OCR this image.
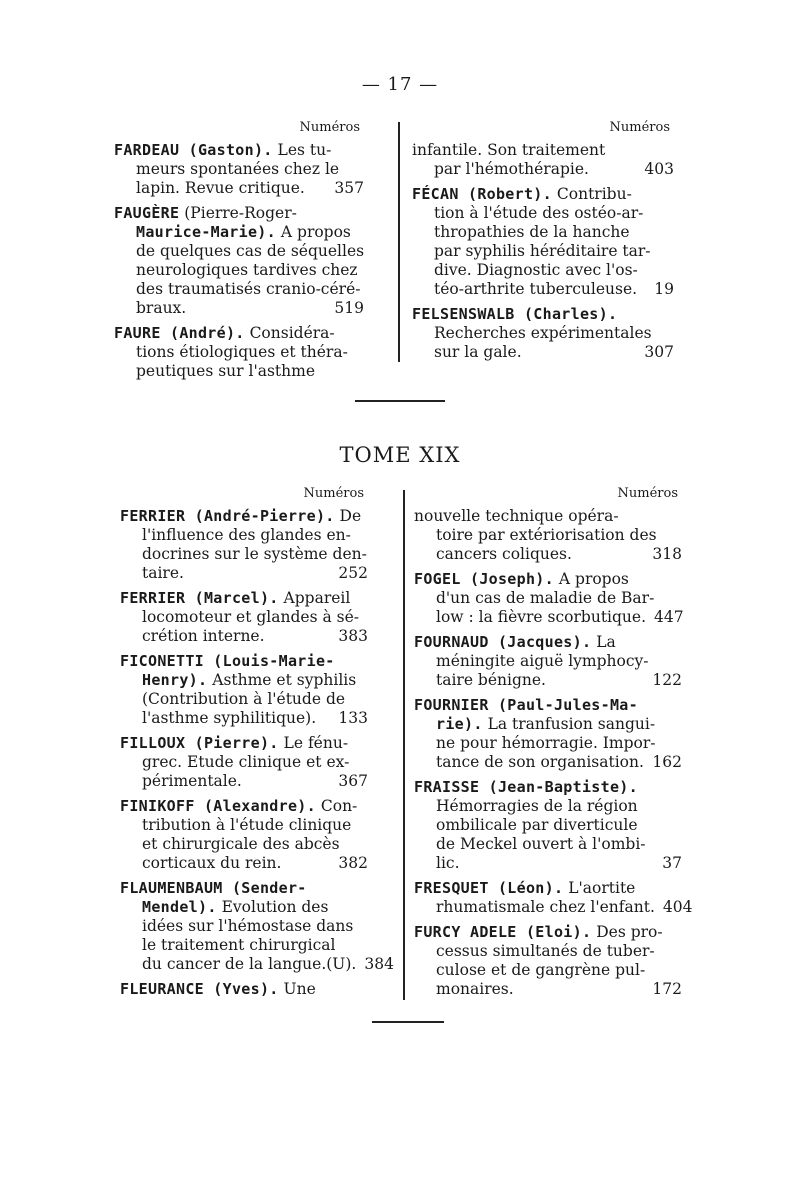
— 17 —
Numéros
FARDEAU (Gaston). Les tu-
meurs spontanées chez le
lapin. Revue critique.	357
FAUGÈRE (Pierre-Roger-
Maurice-Marie). A propos
de quelques cas de séquelles
neurologiques tardives chez
des traumatisés cranio-céré-
braux.	519
FAURE (André). Considéra-
tions étiologiques et théra-
peutiques sur l'asthme
Numéros
infantile. Son traitement
par l'hémothérapie.	403
FÉCAN (Robert). Contribu-
tion à l'étude des ostéo-ar-
thropathies de la hanche
par syphilis héréditaire tar-
dive. Diagnostic avec l'os-
téo-arthrite tuberculeuse.	19
FELSENSWALB (Charles).
Recherches expérimentales
sur la gale.	307
TOME XIX
Numéros
FERRIER (André-Pierre). De
l'influence des glandes en-
docrines sur le système den-
taire.	252
FERRIER (Marcel). Appareil
locomoteur et glandes à sé-
crétion interne.	383
FICONETTI (Louis-Marie-
Henry). Asthme et syphilis
(Contribution à l'étude de
l'asthme syphilitique).	133
FILLOUX (Pierre). Le fénu-
grec. Etude clinique et ex-
périmentale.	367
FINIKOFF (Alexandre). Con-
tribution à l'étude clinique
et chirurgicale des abcès
corticaux du rein.	382
FLAUMENBAUM (Sender-
Mendel). Evolution des
idées sur l'hémostase dans
le traitement chirurgical
du cancer de la langue.(U). 384
FLEURANCE (Yves). Une
Numéros
nouvelle technique opéra-
toire par extériorisation des
cancers coliques.	318
FOGEL (Joseph). A propos
d'un cas de maladie de Bar-
low : la fièvre scorbutique. 447
FOURNAUD (Jacques). La
méningite aiguë lymphocy-
taire bénigne.	122
FOURNIER (Paul-Jules-Ma-
rie). La tranfusion sangui-
ne pour hémorragie. Impor-
tance de son organisation. 162
FRAISSE (Jean-Baptiste).
Hémorragies de la région
ombilicale par diverticule
de Meckel ouvert à l'ombi-
lic.	37
FRESQUET (Léon). L'aortite
rhumatismale chez l'enfant. 404
FURCY ADELE (Eloi). Des pro-
cessus simultanés de tuber-
culose et de gangrène pul-
monaires.	172
